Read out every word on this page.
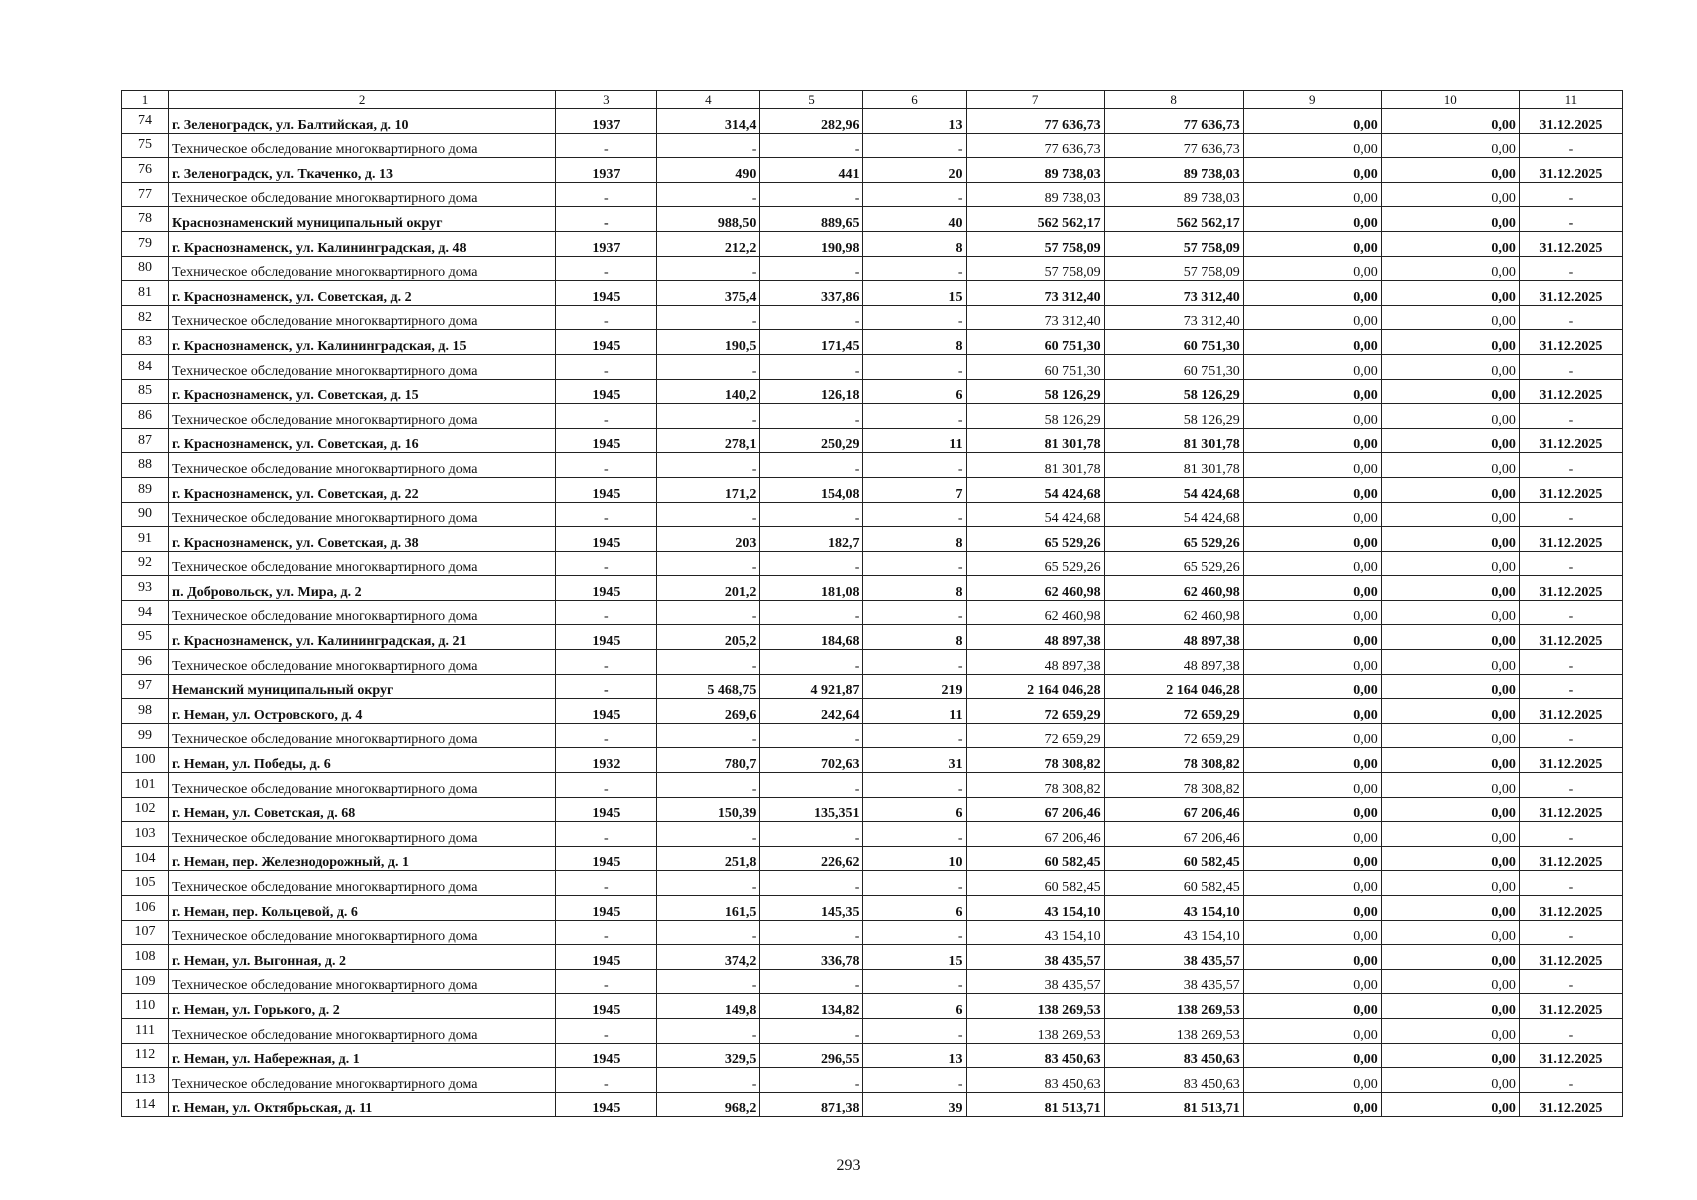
1	2	3	4	5	6	7	8	9	10	11
74	г. Зеленоградск, ул. Балтийская, д. 10	1937	314,4	282,96	13	77 636,73	77 636,73	0,00	0,00	31.12.2025
75	Техническое обследование многоквартирного дома	-	-	-	-	77 636,73	77 636,73	0,00	0,00	-
76	г. Зеленоградск, ул. Ткаченко, д. 13	1937	490	441	20	89 738,03	89 738,03	0,00	0,00	31.12.2025
77	Техническое обследование многоквартирного дома	-	-	-	-	89 738,03	89 738,03	0,00	0,00	-
78	Краснознаменский муниципальный округ	-	988,50	889,65	40	562 562,17	562 562,17	0,00	0,00	-
79	г. Краснознаменск, ул. Калининградская, д. 48	1937	212,2	190,98	8	57 758,09	57 758,09	0,00	0,00	31.12.2025
80	Техническое обследование многоквартирного дома	-	-	-	-	57 758,09	57 758,09	0,00	0,00	-
81	г. Краснознаменск, ул. Советская, д. 2	1945	375,4	337,86	15	73 312,40	73 312,40	0,00	0,00	31.12.2025
82	Техническое обследование многоквартирного дома	-	-	-	-	73 312,40	73 312,40	0,00	0,00	-
83	г. Краснознаменск, ул. Калининградская, д. 15	1945	190,5	171,45	8	60 751,30	60 751,30	0,00	0,00	31.12.2025
84	Техническое обследование многоквартирного дома	-	-	-	-	60 751,30	60 751,30	0,00	0,00	-
85	г. Краснознаменск, ул. Советская, д. 15	1945	140,2	126,18	6	58 126,29	58 126,29	0,00	0,00	31.12.2025
86	Техническое обследование многоквартирного дома	-	-	-	-	58 126,29	58 126,29	0,00	0,00	-
87	г. Краснознаменск, ул. Советская, д. 16	1945	278,1	250,29	11	81 301,78	81 301,78	0,00	0,00	31.12.2025
88	Техническое обследование многоквартирного дома	-	-	-	-	81 301,78	81 301,78	0,00	0,00	-
89	г. Краснознаменск, ул. Советская, д. 22	1945	171,2	154,08	7	54 424,68	54 424,68	0,00	0,00	31.12.2025
90	Техническое обследование многоквартирного дома	-	-	-	-	54 424,68	54 424,68	0,00	0,00	-
91	г. Краснознаменск, ул. Советская, д. 38	1945	203	182,7	8	65 529,26	65 529,26	0,00	0,00	31.12.2025
92	Техническое обследование многоквартирного дома	-	-	-	-	65 529,26	65 529,26	0,00	0,00	-
93	п. Добровольск, ул. Мира, д. 2	1945	201,2	181,08	8	62 460,98	62 460,98	0,00	0,00	31.12.2025
94	Техническое обследование многоквартирного дома	-	-	-	-	62 460,98	62 460,98	0,00	0,00	-
95	г. Краснознаменск, ул. Калининградская, д. 21	1945	205,2	184,68	8	48 897,38	48 897,38	0,00	0,00	31.12.2025
96	Техническое обследование многоквартирного дома	-	-	-	-	48 897,38	48 897,38	0,00	0,00	-
97	Неманский муниципальный округ	-	5 468,75	4 921,87	219	2 164 046,28	2 164 046,28	0,00	0,00	-
98	г. Неман, ул. Островского, д. 4	1945	269,6	242,64	11	72 659,29	72 659,29	0,00	0,00	31.12.2025
99	Техническое обследование многоквартирного дома	-	-	-	-	72 659,29	72 659,29	0,00	0,00	-
100	г. Неман, ул. Победы, д. 6	1932	780,7	702,63	31	78 308,82	78 308,82	0,00	0,00	31.12.2025
101	Техническое обследование многоквартирного дома	-	-	-	-	78 308,82	78 308,82	0,00	0,00	-
102	г. Неман, ул. Советская, д. 68	1945	150,39	135,351	6	67 206,46	67 206,46	0,00	0,00	31.12.2025
103	Техническое обследование многоквартирного дома	-	-	-	-	67 206,46	67 206,46	0,00	0,00	-
104	г. Неман, пер. Железнодорожный, д. 1	1945	251,8	226,62	10	60 582,45	60 582,45	0,00	0,00	31.12.2025
105	Техническое обследование многоквартирного дома	-	-	-	-	60 582,45	60 582,45	0,00	0,00	-
106	г. Неман, пер. Кольцевой, д. 6	1945	161,5	145,35	6	43 154,10	43 154,10	0,00	0,00	31.12.2025
107	Техническое обследование многоквартирного дома	-	-	-	-	43 154,10	43 154,10	0,00	0,00	-
108	г. Неман, ул. Выгонная, д. 2	1945	374,2	336,78	15	38 435,57	38 435,57	0,00	0,00	31.12.2025
109	Техническое обследование многоквартирного дома	-	-	-	-	38 435,57	38 435,57	0,00	0,00	-
110	г. Неман, ул. Горького, д. 2	1945	149,8	134,82	6	138 269,53	138 269,53	0,00	0,00	31.12.2025
111	Техническое обследование многоквартирного дома	-	-	-	-	138 269,53	138 269,53	0,00	0,00	-
112	г. Неман, ул. Набережная, д. 1	1945	329,5	296,55	13	83 450,63	83 450,63	0,00	0,00	31.12.2025
113	Техническое обследование многоквартирного дома	-	-	-	-	83 450,63	83 450,63	0,00	0,00	-
114	г. Неман, ул. Октябрьская, д. 11	1945	968,2	871,38	39	81 513,71	81 513,71	0,00	0,00	31.12.2025
293
